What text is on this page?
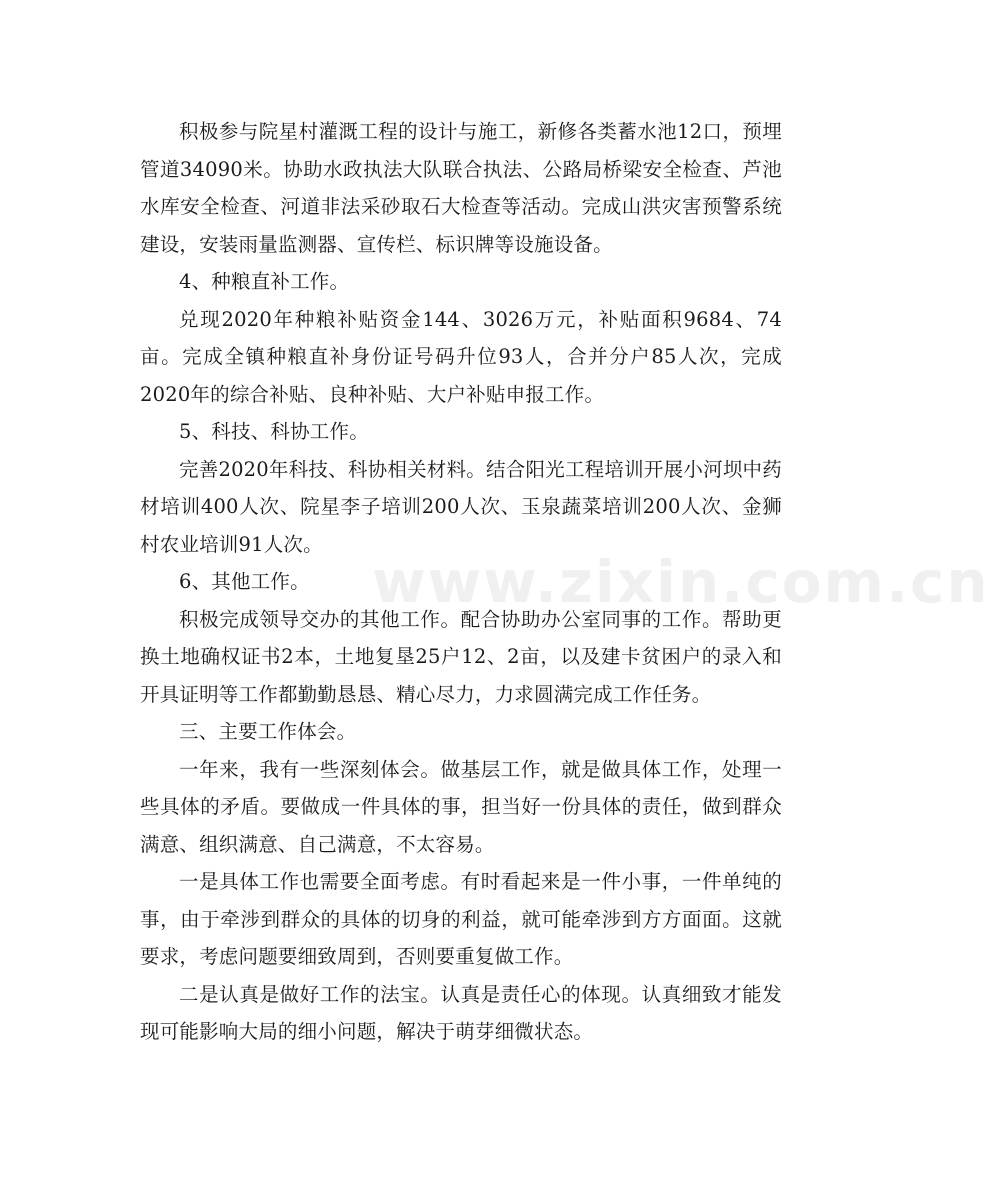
积极参与院星村灌溉工程的设计与施工，新修各类蓄水池12口，预埋管道34090米。协助水政执法大队联合执法、公路局桥梁安全检查、芦池水库安全检查、河道非法采砂取石大检查等活动。完成山洪灾害预警系统建设，安装雨量监测器、宣传栏、标识牌等设施设备。

4、种粮直补工作。

兑现2020年种粮补贴资金144、3026万元，补贴面积9684、74亩。完成全镇种粮直补身份证号码升位93人，合并分户85人次，完成2020年的综合补贴、良种补贴、大户补贴申报工作。

5、科技、科协工作。

完善2020年科技、科协相关材料。结合阳光工程培训开展小河坝中药材培训400人次、院星李子培训200人次、玉泉蔬菜培训200人次、金狮村农业培训91人次。

6、其他工作。

积极完成领导交办的其他工作。配合协助办公室同事的工作。帮助更换土地确权证书2本，土地复垦25户12、2亩，以及建卡贫困户的录入和开具证明等工作都勤勤恳恳、精心尽力，力求圆满完成工作任务。

三、主要工作体会。

一年来，我有一些深刻体会。做基层工作，就是做具体工作，处理一些具体的矛盾。要做成一件具体的事，担当好一份具体的责任，做到群众满意、组织满意、自己满意，不太容易。

一是具体工作也需要全面考虑。有时看起来是一件小事，一件单纯的事，由于牵涉到群众的具体的切身的利益，就可能牵涉到方方面面。这就要求，考虑问题要细致周到，否则要重复做工作。

二是认真是做好工作的法宝。认真是责任心的体现。认真细致才能发现可能影响大局的细小问题，解决于萌芽细微状态。

www.zixin.com.cn
